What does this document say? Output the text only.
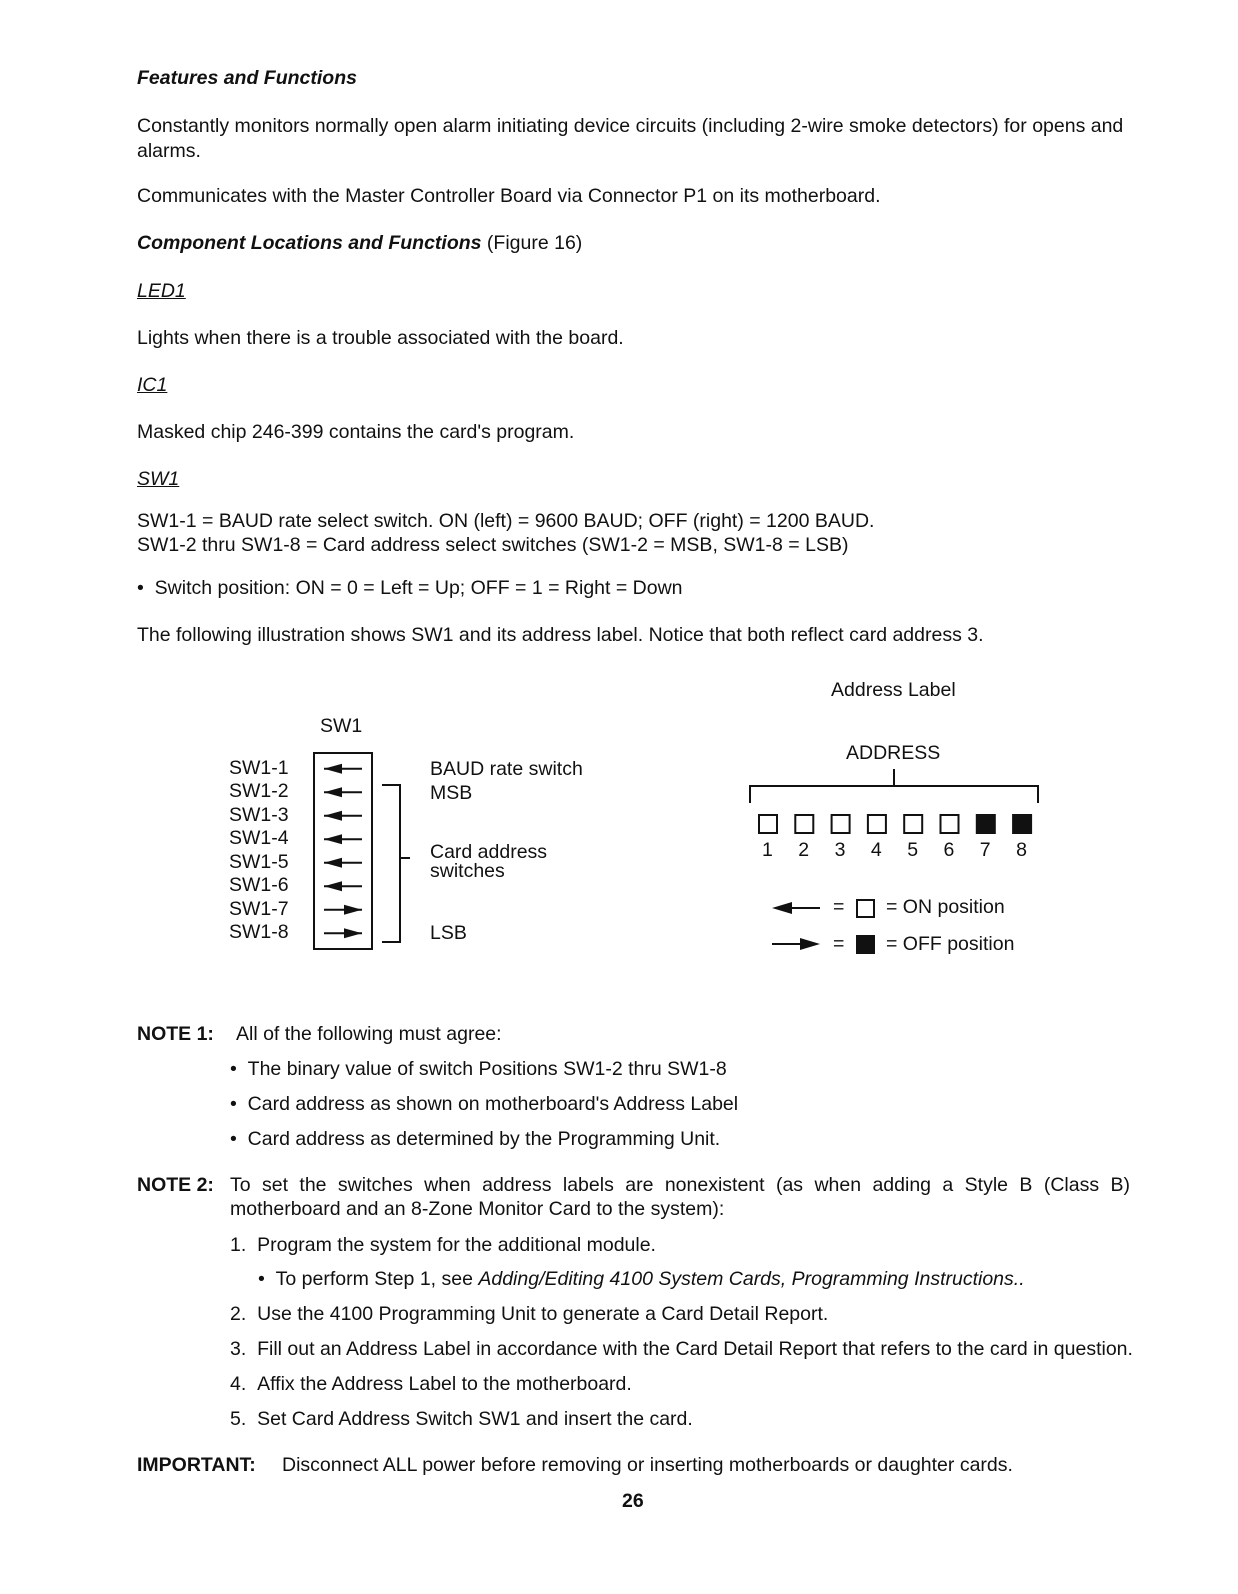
Features and Functions
Constantly monitors normally open alarm initiating device circuits (including 2-wire smoke detectors) for opens and alarms.
Communicates with the Master Controller Board via Connector P1 on its motherboard.
Component Locations and Functions (Figure 16)
LED1
Lights when there is a trouble associated with the board.
IC1
Masked chip 246-399 contains the card's program.
SW1
SW1-1 = BAUD rate select switch. ON (left) = 9600 BAUD; OFF (right) = 1200 BAUD.
SW1-2 thru SW1-8 = Card address select switches (SW1-2 = MSB, SW1-8 = LSB)
•  Switch position: ON = 0 = Left = Up; OFF = 1 = Right = Down
The following illustration shows SW1 and its address label. Notice that both reflect card address 3.
SW1
SW1-1
SW1-2
SW1-3
SW1-4
SW1-5
SW1-6
SW1-7
SW1-8
BAUD rate switch
MSB
Card address
switches
LSB
Address Label
ADDRESS
1 2 3 4 5 6 7 8
= = ON position
= = OFF position
NOTE 1: All of the following must agree:
•  The binary value of switch Positions SW1-2 thru SW1-8
•  Card address as shown on motherboard's Address Label
•  Card address as determined by the Programming Unit.
NOTE 2: To set the switches when address labels are nonexistent (as when adding a Style B (Class B)
motherboard and an 8-Zone Monitor Card to the system):
1. Program the system for the additional module.
•  To perform Step 1, see Adding/Editing 4100 System Cards, Programming Instructions..
2. Use the 4100 Programming Unit to generate a Card Detail Report.
3. Fill out an Address Label in accordance with the Card Detail Report that refers to the card in question.
4. Affix the Address Label to the motherboard.
5. Set Card Address Switch SW1 and insert the card.
IMPORTANT: Disconnect ALL power before removing or inserting motherboards or daughter cards.
26
